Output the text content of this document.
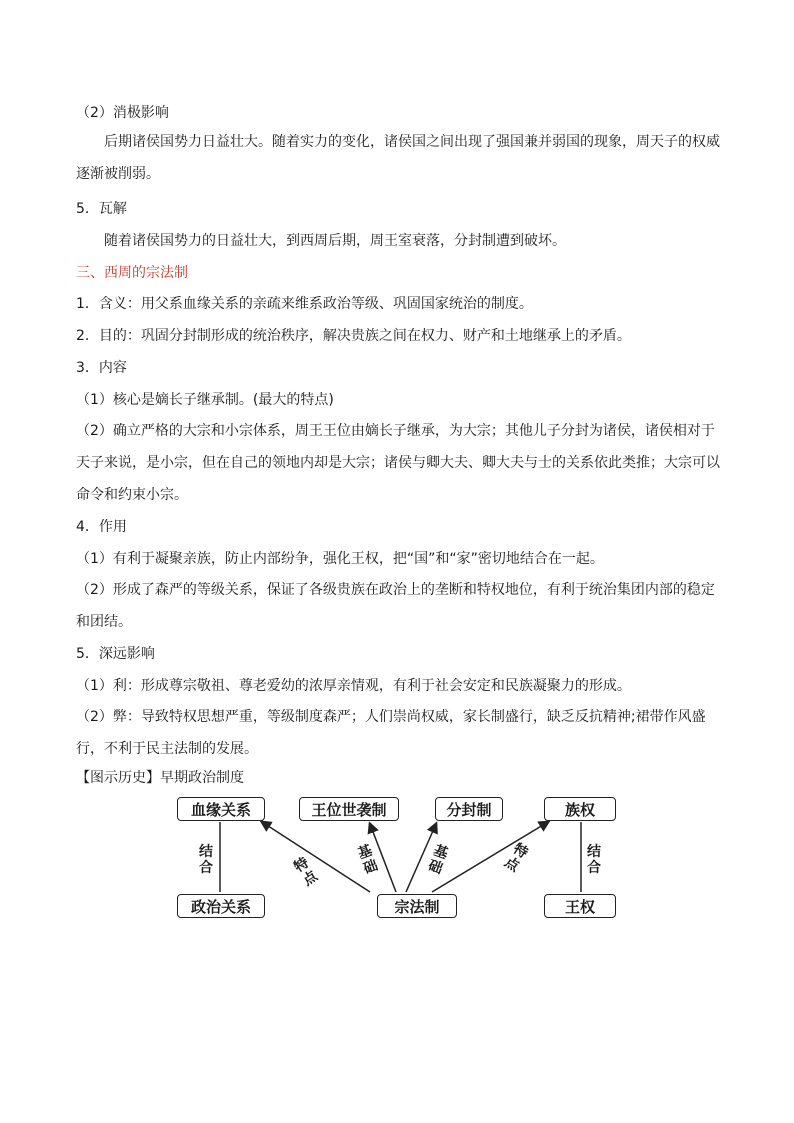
（2）消极影响
后期诸侯国势力日益壮大。随着实力的变化，诸侯国之间出现了强国兼并弱国的现象，周天子的权威逐渐被削弱。
5．瓦解
随着诸侯国势力的日益壮大，到西周后期，周王室衰落，分封制遭到破坏。
三、西周的宗法制
1．含义：用父系血缘关系的亲疏来维系政治等级、巩固国家统治的制度。
2．目的：巩固分封制形成的统治秩序，解决贵族之间在权力、财产和土地继承上的矛盾。
3．内容
（1）核心是嫡长子继承制。(最大的特点)
（2）确立严格的大宗和小宗体系，周王王位由嫡长子继承，为大宗；其他儿子分封为诸侯，诸侯相对于天子来说，是小宗，但在自己的领地内却是大宗；诸侯与卿大夫、卿大夫与士的关系依此类推；大宗可以命令和约束小宗。
4．作用
（1）有利于凝聚亲族，防止内部纷争，强化王权，把“国”和“家”密切地结合在一起。
（2）形成了森严的等级关系，保证了各级贵族在政治上的垄断和特权地位，有利于统治集团内部的稳定和团结。
5．深远影响
（1）利：形成尊宗敬祖、尊老爱幼的浓厚亲情观，有利于社会安定和民族凝聚力的形成。
（2）弊：导致特权思想严重，等级制度森严；人们崇尚权威，家长制盛行，缺乏反抗精神;裙带作风盛行，不利于民主法制的发展。
【图示历史】早期政治制度
血缘关系	王位世袭制	分封制	族权
政治关系	宗法制	王权
结
合
结
合
特
点
基
础
基
础
特
点
